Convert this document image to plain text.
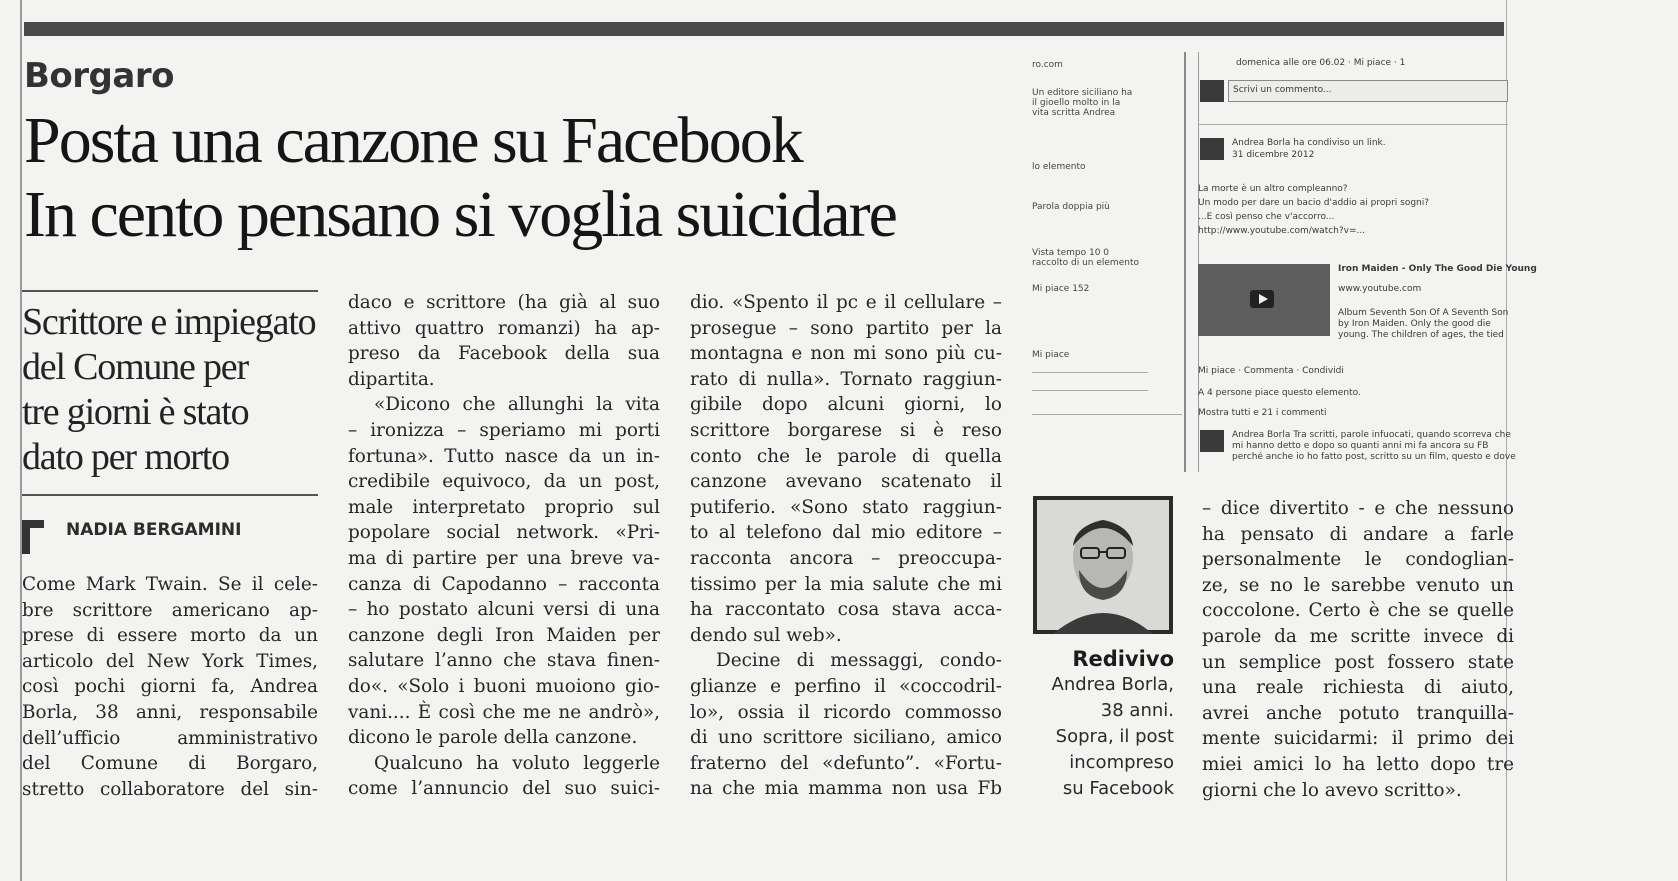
Borgaro
Posta una canzone su Facebook
In cento pensano si voglia suicidare
Scrittore e impiegato
del Comune per
tre giorni è stato
dato per morto
NADIA BERGAMINI
Come Mark Twain. Se il cele-
bre scrittore americano ap-
prese di essere morto da un
articolo del New York Times,
così pochi giorni fa, Andrea
Borla, 38 anni, responsabile
dell’ufficio amministrativo
del Comune di Borgaro,
stretto collaboratore del sin-
daco e scrittore (ha già al suo
attivo quattro romanzi) ha ap-
preso da Facebook della sua
dipartita.
«Dicono che allunghi la vita
– ironizza – speriamo mi porti
fortuna». Tutto nasce da un in-
credibile equivoco, da un post,
male interpretato proprio sul
popolare social network. «Pri-
ma di partire per una breve va-
canza di Capodanno – racconta
– ho postato alcuni versi di una
canzone degli Iron Maiden per
salutare l’anno che stava finen-
do«. «Solo i buoni muoiono gio-
vani.... È così che me ne andrò»,
dicono le parole della canzone.
Qualcuno ha voluto leggerle
come l’annuncio del suo suici-
dio. «Spento il pc e il cellulare –
prosegue – sono partito per la
montagna e non mi sono più cu-
rato di nulla». Tornato raggiun-
gibile dopo alcuni giorni, lo
scrittore borgarese si è reso
conto che le parole di quella
canzone avevano scatenato il
putiferio. «Sono stato raggiun-
to al telefono dal mio editore –
racconta ancora – preoccupa-
tissimo per la mia salute che mi
ha raccontato cosa stava acca-
dendo sul web».
Decine di messaggi, condo-
glianze e perfino il «coccodril-
lo», ossia il ricordo commosso
di uno scrittore siciliano, amico
fraterno del «defunto”. «Fortu-
na che mia mamma non usa Fb
– dice divertito - e che nessuno
ha pensato di andare a farle
personalmente le condoglian-
ze, se no le sarebbe venuto un
coccolone. Certo è che se quelle
parole da me scritte invece di
un semplice post fossero state
una reale richiesta di aiuto,
avrei anche potuto tranquilla-
mente suicidarmi: il primo dei
miei amici lo ha letto dopo tre
giorni che lo avevo scritto».
ro.com
Un editore siciliano ha
il gioello molto in la
vita scritta Andrea
lo elemento
Parola doppia più
Vista tempo 10 0
raccolto di un elemento
Mi piace 152
Mi piace
domenica alle ore 06.02 · Mi piace · 1
Scrivi un commento...
Andrea Borla ha condiviso un link.
31 dicembre 2012
La morte è un altro compleanno?
Un modo per dare un bacio d'addio ai propri sogni?
...E così penso che v'accorro...
http://www.youtube.com/watch?v=...
Iron Maiden - Only The Good Die Young
www.youtube.com
Album Seventh Son Of A Seventh Son
by Iron Maiden. Only the good die
young. The children of ages, the tied
Mi piace · Commenta · Condividi
A 4 persone piace questo elemento.
Mostra tutti e 21 i commenti
Andrea Borla Tra scritti, parole infuocati, quando scorreva che
mi hanno detto e dopo so quanti anni mi fa ancora su FB
perché anche io ho fatto post, scritto su un film, questo e dove
Redivivo
Andrea Borla,
38 anni.
Sopra, il post
incompreso
su Facebook
